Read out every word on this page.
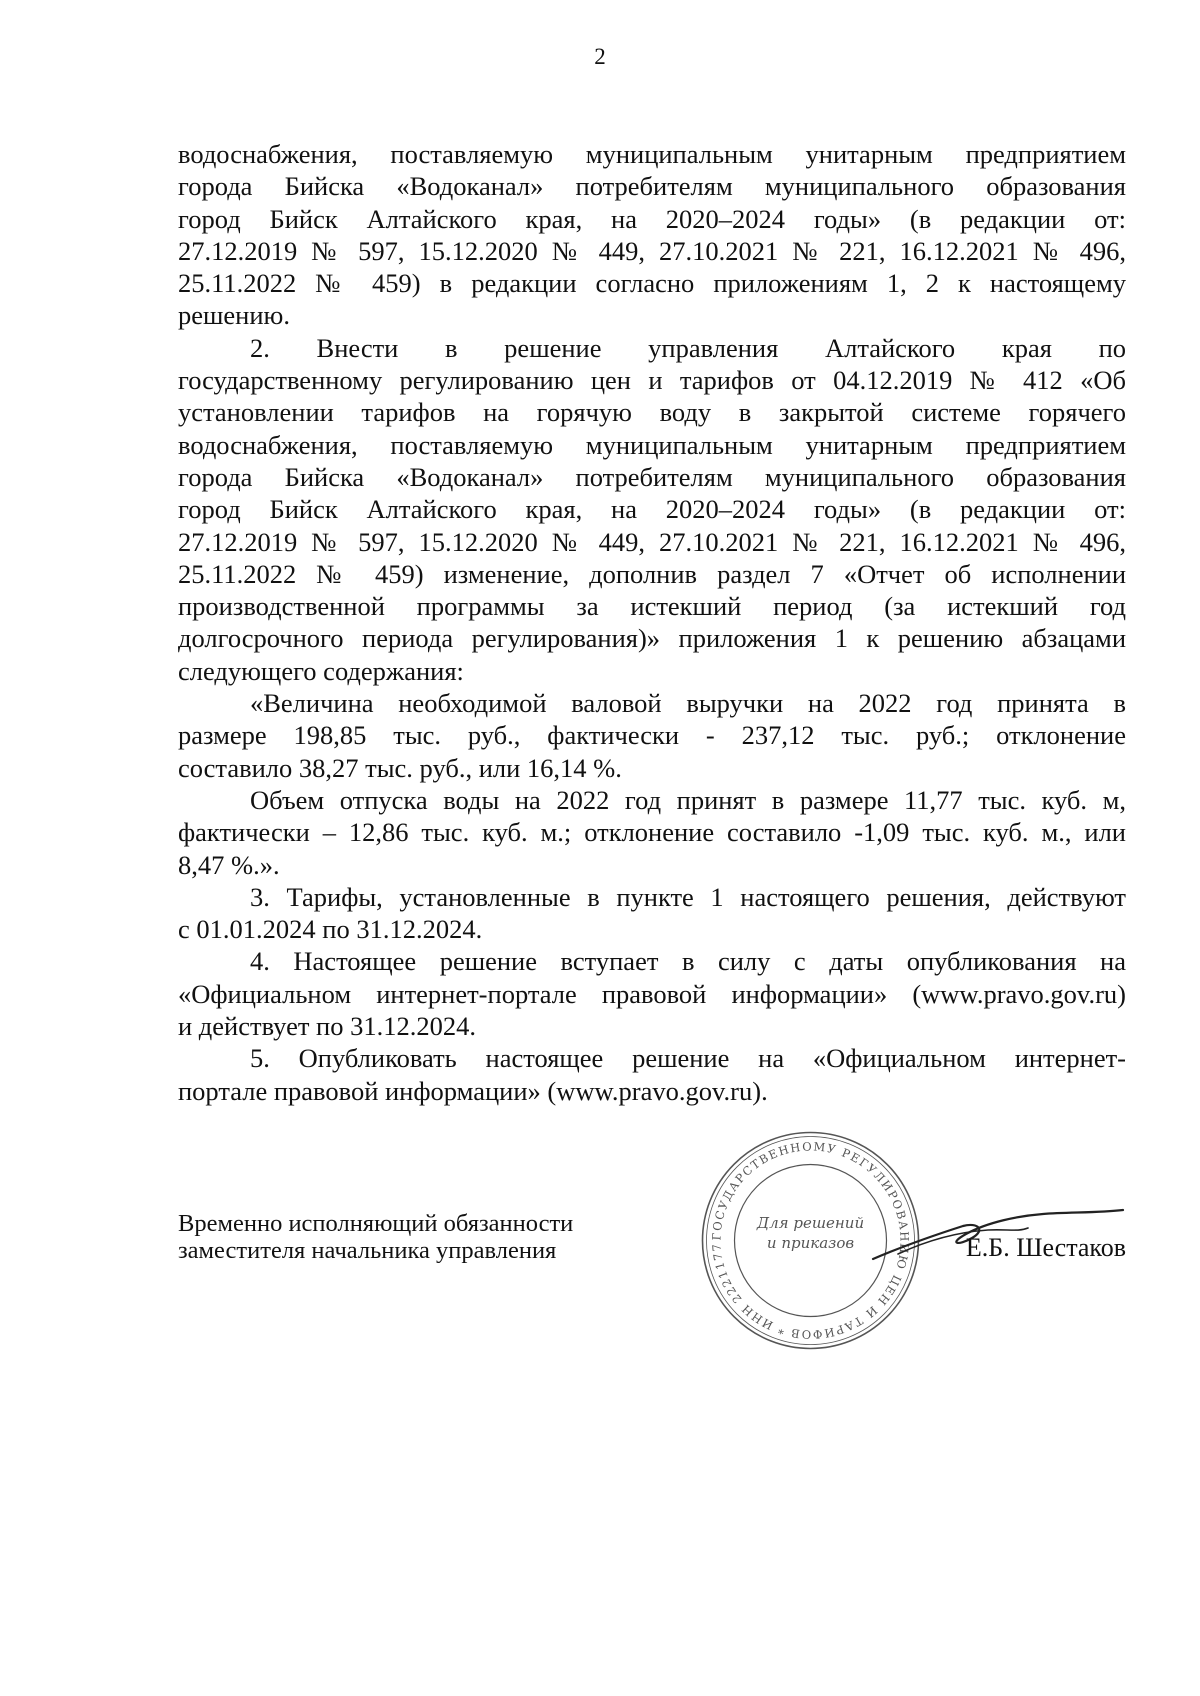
2
водоснабжения, поставляемую муниципальным унитарным предприятием
города Бийска «Водоканал» потребителям муниципального образования
город Бийск Алтайского края, на 2020–2024 годы» (в редакции от:
27.12.2019 № 597, 15.12.2020 № 449, 27.10.2021 № 221, 16.12.2021 № 496,
25.11.2022 № 459) в редакции согласно приложениям 1, 2 к настоящему
решению.
2. Внести в решение управления Алтайского края по
государственному регулированию цен и тарифов от 04.12.2019 № 412 «Об
установлении тарифов на горячую воду в закрытой системе горячего
водоснабжения, поставляемую муниципальным унитарным предприятием
города Бийска «Водоканал» потребителям муниципального образования
город Бийск Алтайского края, на 2020–2024 годы» (в редакции от:
27.12.2019 № 597, 15.12.2020 № 449, 27.10.2021 № 221, 16.12.2021 № 496,
25.11.2022 № 459) изменение, дополнив раздел 7 «Отчет об исполнении
производственной программы за истекший период (за истекший год
долгосрочного периода регулирования)» приложения 1 к решению абзацами
следующего содержания:
«Величина необходимой валовой выручки на 2022 год принята в
размере 198,85 тыс. руб., фактически - 237,12 тыс. руб.; отклонение
составило 38,27 тыс. руб., или 16,14 %.
Объем отпуска воды на 2022 год принят в размере 11,77 тыс. куб. м,
фактически – 12,86 тыс. куб. м.; отклонение составило -1,09 тыс. куб. м., или
8,47 %.».
3. Тарифы, установленные в пункте 1 настоящего решения, действуют
с 01.01.2024 по 31.12.2024.
4. Настоящее решение вступает в силу с даты опубликования на
«Официальном интернет-портале правовой информации» (www.pravo.gov.ru)
и действует по 31.12.2024.
5. Опубликовать настоящее решение на «Официальном интернет-
портале правовой информации» (www.pravo.gov.ru).
Временно исполняющий обязанности
заместителя начальника управления
ГОСУДАРСТВЕННОМУ РЕГУЛИРОВАНИЮ ЦЕН И ТАРИФОВ * ИНН 2221177
Для решений
и приказов	Е.Б. Шестаков
